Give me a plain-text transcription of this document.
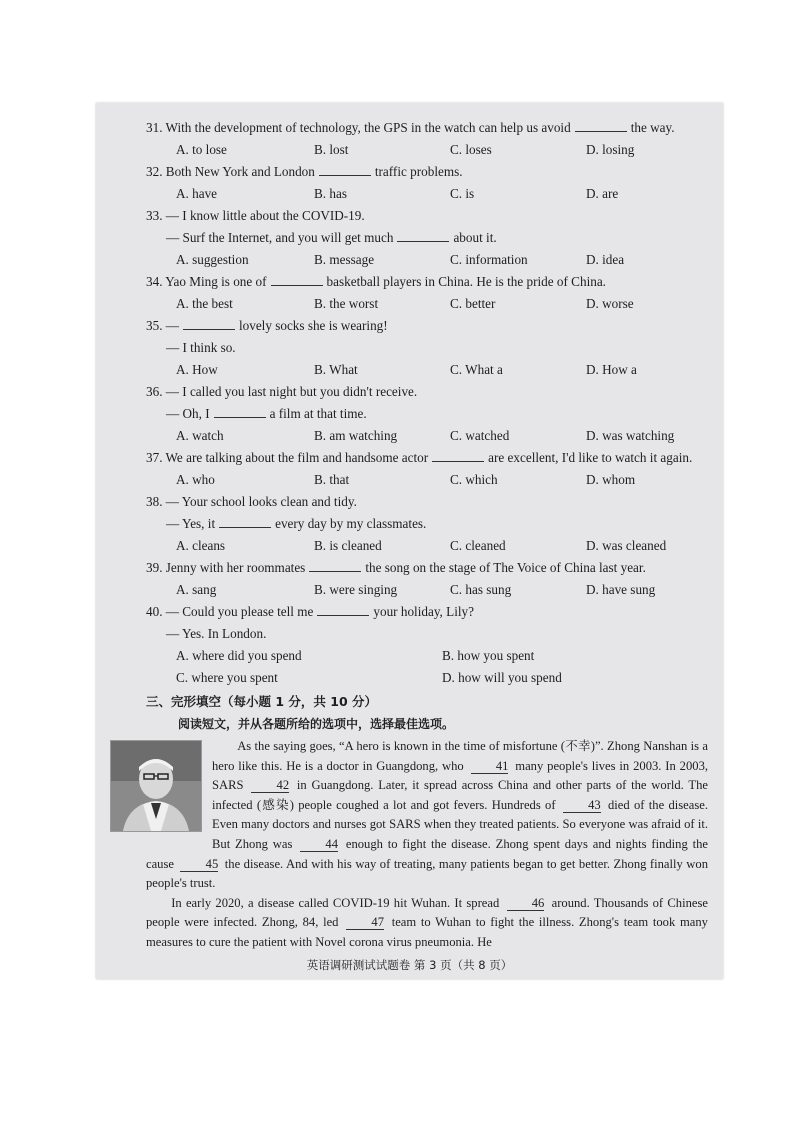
31. With the development of technology, the GPS in the watch can help us avoid	the way.
A. to lose	B. lost	C. loses	D. losing
32. Both New York and London	traffic problems.
A. have	B. has	C. is	D. are
33. — I know little about the COVID-19.
— Surf the Internet, and you will get much	about it.
A. suggestion	B. message	C. information	D. idea
34. Yao Ming is one of	basketball players in China. He is the pride of China.
A. the best	B. the worst	C. better	D. worse
35. —	lovely socks she is wearing!
— I think so.
A. How	B. What	C. What a	D. How a
36. — I called you last night but you didn't receive.
— Oh, I	a film at that time.
A. watch	B. am watching	C. watched	D. was watching
37. We are talking about the film and handsome actor	are excellent, I'd like to watch it again.
A. who	B. that	C. which	D. whom
38. — Your school looks clean and tidy.
— Yes, it	every day by my classmates.
A. cleans	B. is cleaned	C. cleaned	D. was cleaned
39. Jenny with her roommates	the song on the stage of The Voice of China last year.
A. sang	B. were singing	C. has sung	D. have sung
40. — Could you please tell me	your holiday, Lily?
— Yes. In London.
A. where did you spend	B. how you spent
C. where you spent	D. how will you spend
三、完形填空（每小题 1 分，共 10 分）
阅读短文，并从各题所给的选项中，选择最佳选项。

As the saying goes, “A hero is known in the time of misfortune (不幸)”. Zhong Nanshan is a hero like this. He is a doctor in Guangdong, who	41 many people's lives in 2003. In 2003, SARS	42 in Guangdong. Later, it spread across China and other parts of the world. The infected (感染) people coughed a lot and got fevers. Hundreds of	43 died of the disease. Even many doctors and nurses got SARS when they treated patients. So everyone was afraid of it. But Zhong was	44 enough to fight the disease. Zhong spent days and nights finding the cause	45 the disease. And with his way of treating, many patients began to get better. Zhong finally won people's trust.

In early 2020, a disease called COVID-19 hit Wuhan. It spread	46 around. Thousands of Chinese people were infected. Zhong, 84, led	47 team to Wuhan to fight the illness. Zhong's team took many measures to cure the patient with Novel corona virus pneumonia. He

英语调研测试试题卷 第 3 页（共 8 页）
